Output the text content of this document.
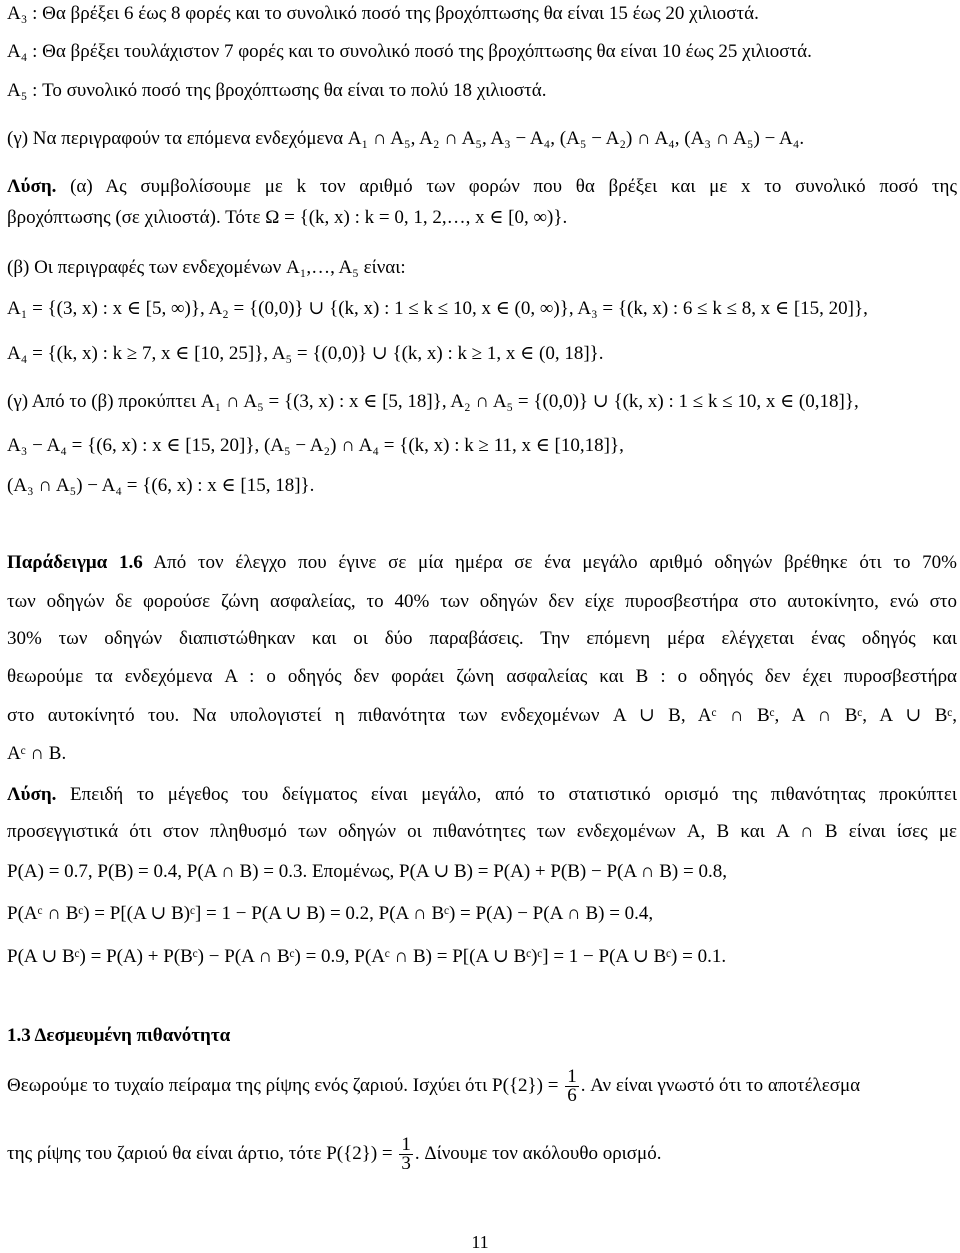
A₃ : Θα βρέξει 6 έως 8 φορές και το συνολικό ποσό της βροχόπτωσης θα είναι 15 έως 20 χιλιοστά.
A₄ : Θα βρέξει τουλάχιστον 7 φορές και το συνολικό ποσό της βροχόπτωσης θα είναι 10 έως 25 χιλιοστά.
A₅ : Το συνολικό ποσό της βροχόπτωσης θα είναι το πολύ 18 χιλιοστά.
(γ) Να περιγραφούν τα επόμενα ενδεχόμενα A₁ ∩ A₅, A₂ ∩ A₅, A₃ − A₄, (A₅ − A₂) ∩ A₄, (A₃ ∩ A₅) − A₄.
Λύση. (α) Ας συμβολίσουμε με k τον αριθμό των φορών που θα βρέξει και με x το συνολικό ποσό της
βροχόπτωσης (σε χιλιοστά). Τότε Ω = {(k, x) : k = 0, 1, 2,…, x ∈ [0, ∞)}.
(β) Οι περιγραφές των ενδεχομένων A₁,…, A₅ είναι:
A₁ = {(3, x) : x ∈ [5, ∞)}, A₂ = {(0,0)} ∪ {(k, x) : 1 ≤ k ≤ 10, x ∈ (0, ∞)}, A₃ = {(k, x) : 6 ≤ k ≤ 8, x ∈ [15, 20]},
A₄ = {(k, x) : k ≥ 7, x ∈ [10, 25]}, A₅ = {(0,0)} ∪ {(k, x) : k ≥ 1, x ∈ (0, 18]}.
(γ) Από το (β) προκύπτει A₁ ∩ A₅ = {(3, x) : x ∈ [5, 18]}, A₂ ∩ A₅ = {(0,0)} ∪ {(k, x) : 1 ≤ k ≤ 10, x ∈ (0,18]},
A₃ − A₄ = {(6, x) : x ∈ [15, 20]}, (A₅ − A₂) ∩ A₄ = {(k, x) : k ≥ 11, x ∈ [10,18]},
(A₃ ∩ A₅) − A₄ = {(6, x) : x ∈ [15, 18]}.
Παράδειγμα 1.6 Από τον έλεγχο που έγινε σε μία ημέρα σε ένα μεγάλο αριθμό οδηγών βρέθηκε ότι το 70%
των οδηγών δε φορούσε ζώνη ασφαλείας, το 40% των οδηγών δεν είχε πυροσβεστήρα στο αυτοκίνητο, ενώ στο
30% των οδηγών διαπιστώθηκαν και οι δύο παραβάσεις. Την επόμενη μέρα ελέγχεται ένας οδηγός και
θεωρούμε τα ενδεχόμενα A : ο οδηγός δεν φοράει ζώνη ασφαλείας και B : ο οδηγός δεν έχει πυροσβεστήρα
στο αυτοκίνητό του. Να υπολογιστεί η πιθανότητα των ενδεχομένων A ∪ B, Aᶜ ∩ Bᶜ, A ∩ Bᶜ, A ∪ Bᶜ,
Aᶜ ∩ B.
Λύση. Επειδή το μέγεθος του δείγματος είναι μεγάλο, από το στατιστικό ορισμό της πιθανότητας προκύπτει
προσεγγιστικά ότι στον πληθυσμό των οδηγών οι πιθανότητες των ενδεχομένων A, B και A ∩ B είναι ίσες με
P(A) = 0.7, P(B) = 0.4, P(A ∩ B) = 0.3. Επομένως, P(A ∪ B) = P(A) + P(B) − P(A ∩ B) = 0.8,
P(Aᶜ ∩ Bᶜ) = P[(A ∪ B)ᶜ] = 1 − P(A ∪ B) = 0.2, P(A ∩ Bᶜ) = P(A) − P(A ∩ B) = 0.4,
P(A ∪ Bᶜ) = P(A) + P(Bᶜ) − P(A ∩ Bᶜ) = 0.9, P(Aᶜ ∩ B) = P[(A ∪ Bᶜ)ᶜ] = 1 − P(A ∪ Bᶜ) = 0.1.
1.3 Δεσμευμένη πιθανότητα
Θεωρούμε το τυχαίο πείραμα της ρίψης ενός ζαριού. Ισχύει ότι $P(\{2\}) = \frac{1}{6}$ . Αν είναι γνωστό ότι το αποτέλεσμα
της ρίψης του ζαριού θα είναι άρτιο, τότε $P(\{2\}) = \frac{1}{3}$ . Δίνουμε τον ακόλουθο ορισμό.
11
